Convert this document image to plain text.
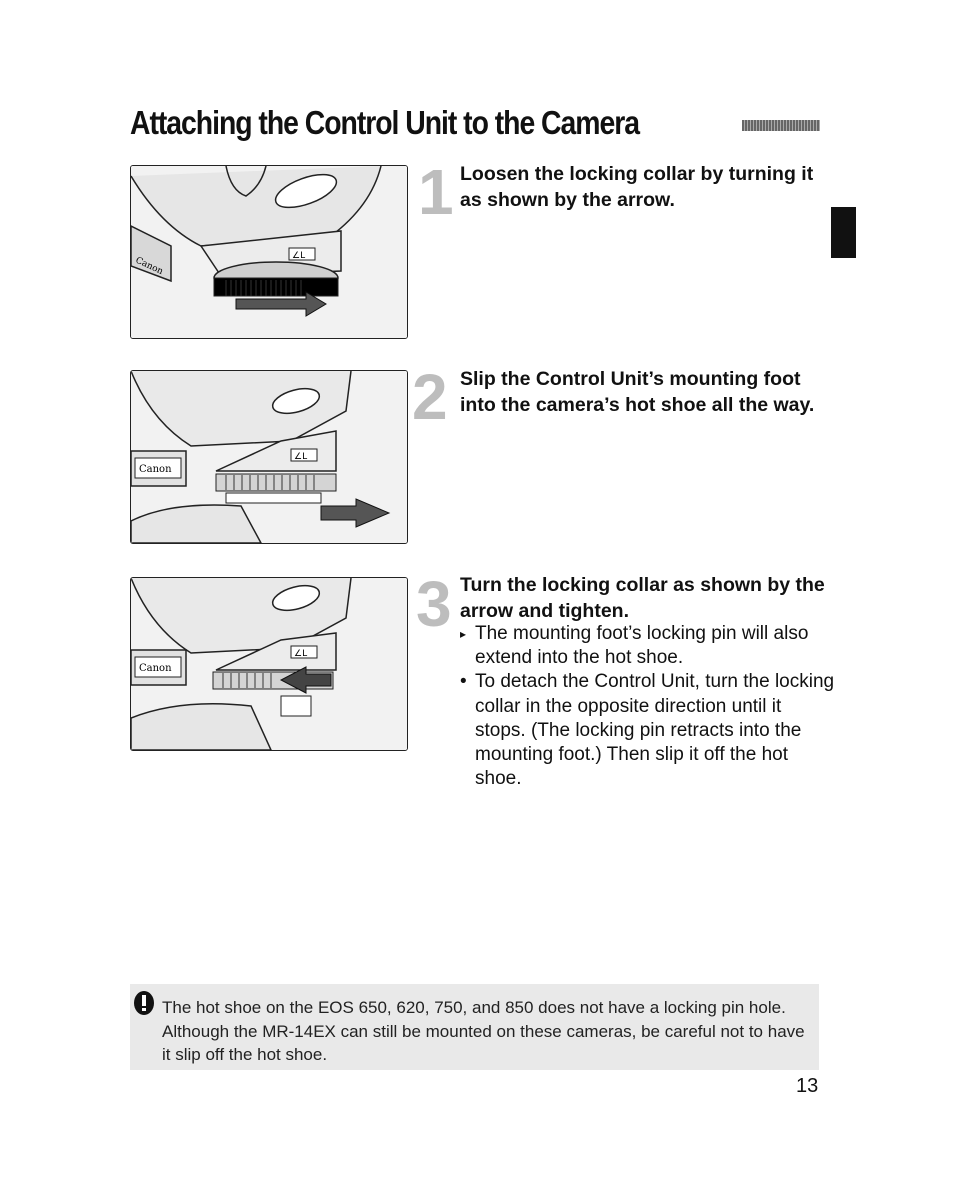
Attaching the Control Unit to the Camera
Canon	∠L
1 Loosen the locking collar by turning it as shown by the arrow.

Canon
∠L
2 Slip the Control Unit’s mounting foot into the camera’s hot shoe all the way.

Canon
∠L
3 Turn the locking collar as shown by the arrow and tighten.

▸ The mounting foot’s locking pin will also extend into the hot shoe.
• To detach the Control Unit, turn the locking collar in the opposite direction until it stops. (The locking pin retracts into the mounting foot.) Then slip it off the hot shoe.

The hot shoe on the EOS 650, 620, 750, and 850 does not have a locking pin hole. Although the MR-14EX can still be mounted on these cameras, be careful not to have it slip off the hot shoe.

13
